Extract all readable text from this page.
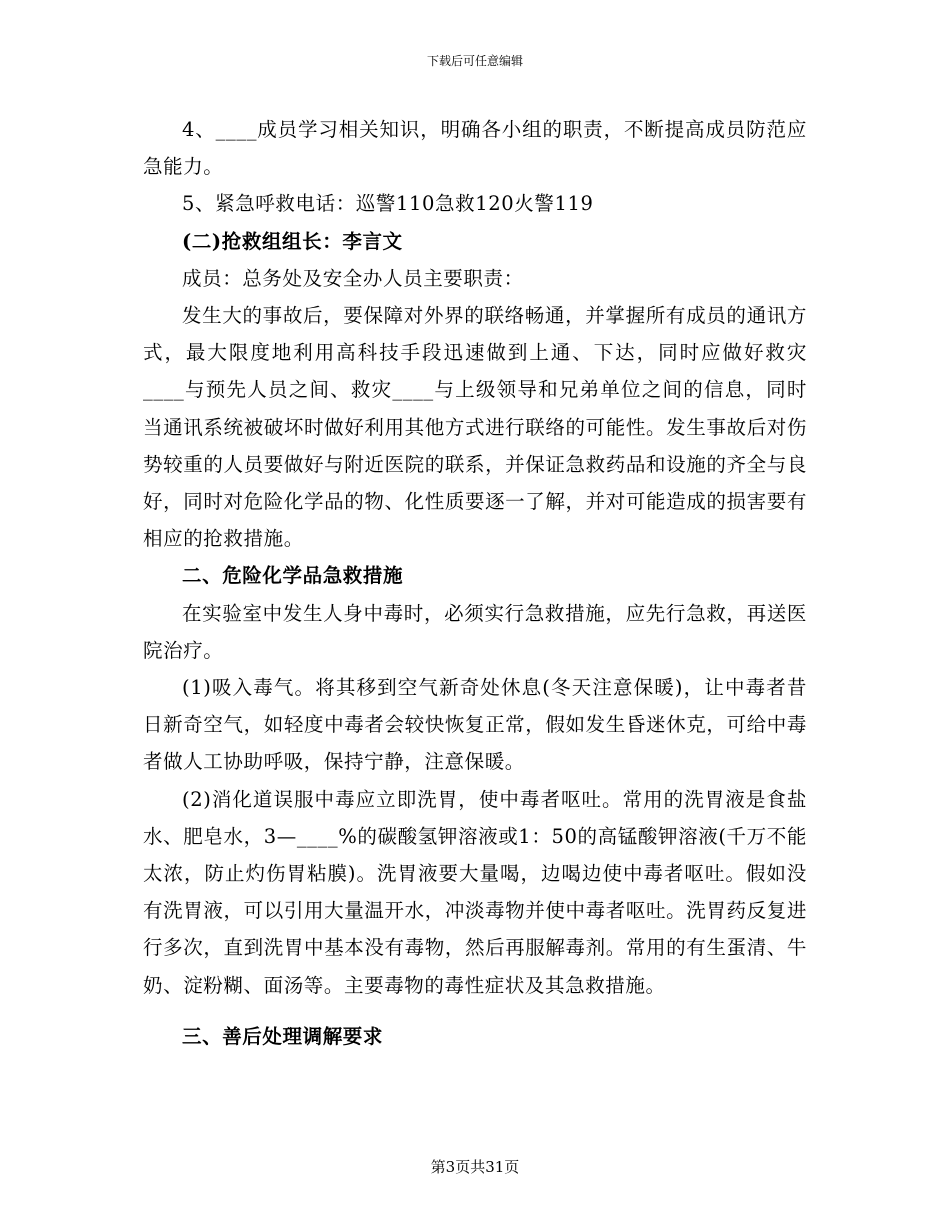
下载后可任意编辑

4、____成员学习相关知识，明确各小组的职责，不断提高成员防范应急能力。

5、紧急呼救电话：巡警110急救120火警119

(二)抢救组组长：李言文

成员：总务处及安全办人员主要职责：

发生大的事故后，要保障对外界的联络畅通，并掌握所有成员的通讯方式，最大限度地利用高科技手段迅速做到上通、下达，同时应做好救灾____与预先人员之间、救灾____与上级领导和兄弟单位之间的信息，同时当通讯系统被破坏时做好利用其他方式进行联络的可能性。发生事故后对伤势较重的人员要做好与附近医院的联系，并保证急救药品和设施的齐全与良好，同时对危险化学品的物、化性质要逐一了解，并对可能造成的损害要有相应的抢救措施。

二、危险化学品急救措施

在实验室中发生人身中毒时，必须实行急救措施，应先行急救，再送医院治疗。

(1)吸入毒气。将其移到空气新奇处休息(冬天注意保暖)，让中毒者昔日新奇空气，如轻度中毒者会较快恢复正常，假如发生昏迷休克，可给中毒者做人工协助呼吸，保持宁静，注意保暖。

(2)消化道误服中毒应立即洗胃，使中毒者呕吐。常用的洗胃液是食盐水、肥皂水，3—____%的碳酸氢钾溶液或1：50的高锰酸钾溶液(千万不能太浓，防止灼伤胃粘膜)。洗胃液要大量喝，边喝边使中毒者呕吐。假如没有洗胃液，可以引用大量温开水，冲淡毒物并使中毒者呕吐。洗胃药反复进行多次，直到洗胃中基本没有毒物，然后再服解毒剂。常用的有生蛋清、牛奶、淀粉糊、面汤等。主要毒物的毒性症状及其急救措施。

三、善后处理调解要求

第3页共31页
